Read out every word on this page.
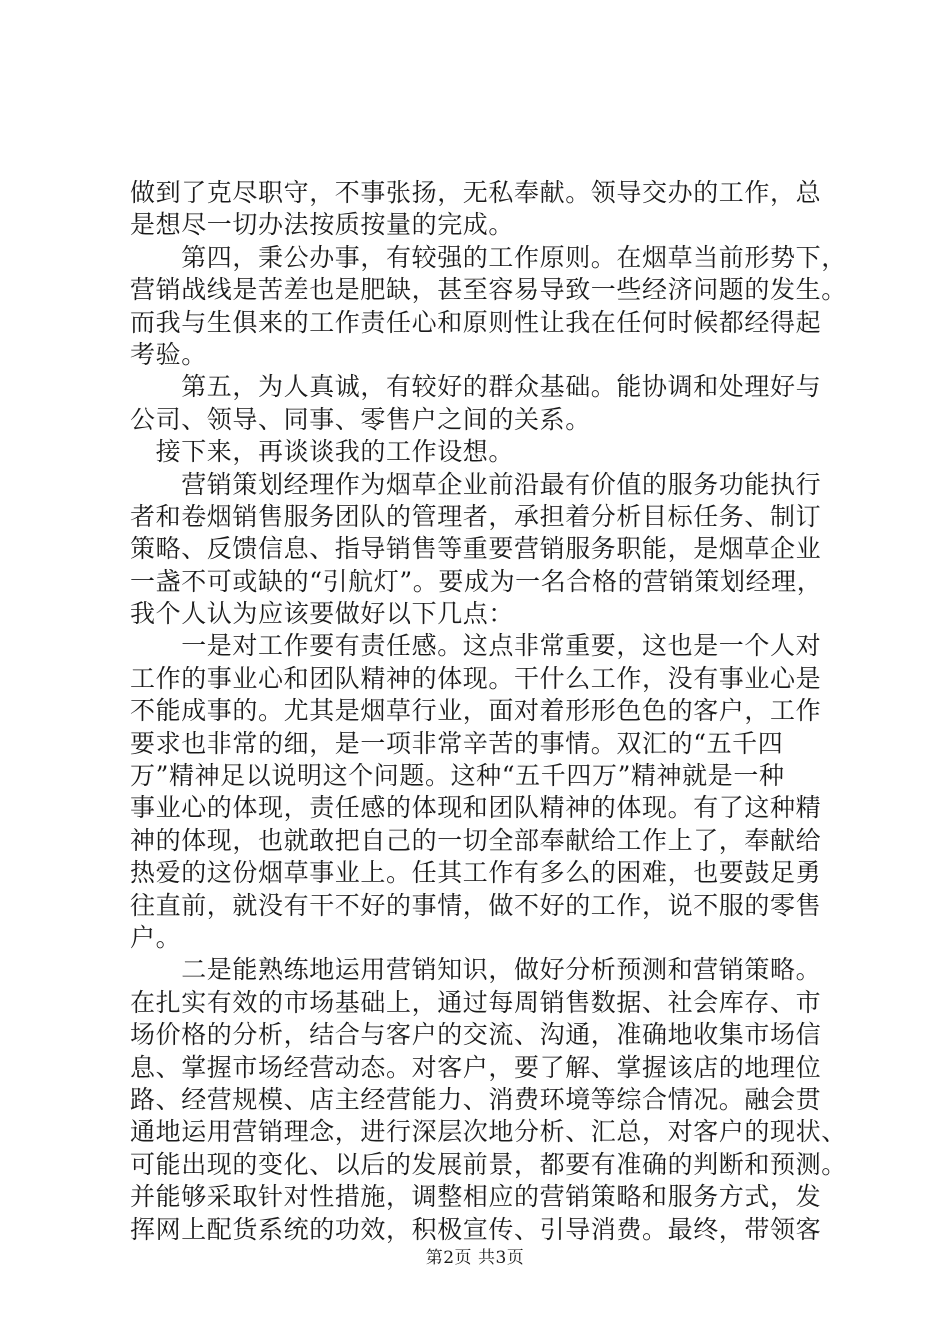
做到了克尽职守，不事张扬，无私奉献。领导交办的工作，总
是想尽一切办法按质按量的完成。
　　第四，秉公办事，有较强的工作原则。在烟草当前形势下，
营销战线是苦差也是肥缺，甚至容易导致一些经济问题的发生。
而我与生俱来的工作责任心和原则性让我在任何时候都经得起
考验。
　　第五，为人真诚，有较好的群众基础。能协调和处理好与
公司、领导、同事、零售户之间的关系。
　接下来，再谈谈我的工作设想。
　　营销策划经理作为烟草企业前沿最有价值的服务功能执行
者和卷烟销售服务团队的管理者，承担着分析目标任务、制订
策略、反馈信息、指导销售等重要营销服务职能，是烟草企业
一盏不可或缺的“引航灯”。要成为一名合格的营销策划经理，
我个人认为应该要做好以下几点：
　　一是对工作要有责任感。这点非常重要，这也是一个人对
工作的事业心和团队精神的体现。干什么工作，没有事业心是
不能成事的。尤其是烟草行业，面对着形形色色的客户，工作
要求也非常的细，是一项非常辛苦的事情。双汇的“五千四
万”精神足以说明这个问题。这种“五千四万”精神就是一种
事业心的体现，责任感的体现和团队精神的体现。有了这种精
神的体现，也就敢把自己的一切全部奉献给工作上了，奉献给
热爱的这份烟草事业上。任其工作有多么的困难，也要鼓足勇
往直前，就没有干不好的事情，做不好的工作，说不服的零售
户。
　　二是能熟练地运用营销知识，做好分析预测和营销策略。
在扎实有效的市场基础上，通过每周销售数据、社会库存、市
场价格的分析，结合与客户的交流、沟通，准确地收集市场信
息、掌握市场经营动态。对客户，要了解、掌握该店的地理位
路、经营规模、店主经营能力、消费环境等综合情况。融会贯
通地运用营销理念，进行深层次地分析、汇总，对客户的现状、
可能出现的变化、以后的发展前景，都要有准确的判断和预测。
并能够采取针对性措施，调整相应的营销策略和服务方式，发
挥网上配货系统的功效，积极宣传、引导消费。最终，带领客
第2页 共3页
